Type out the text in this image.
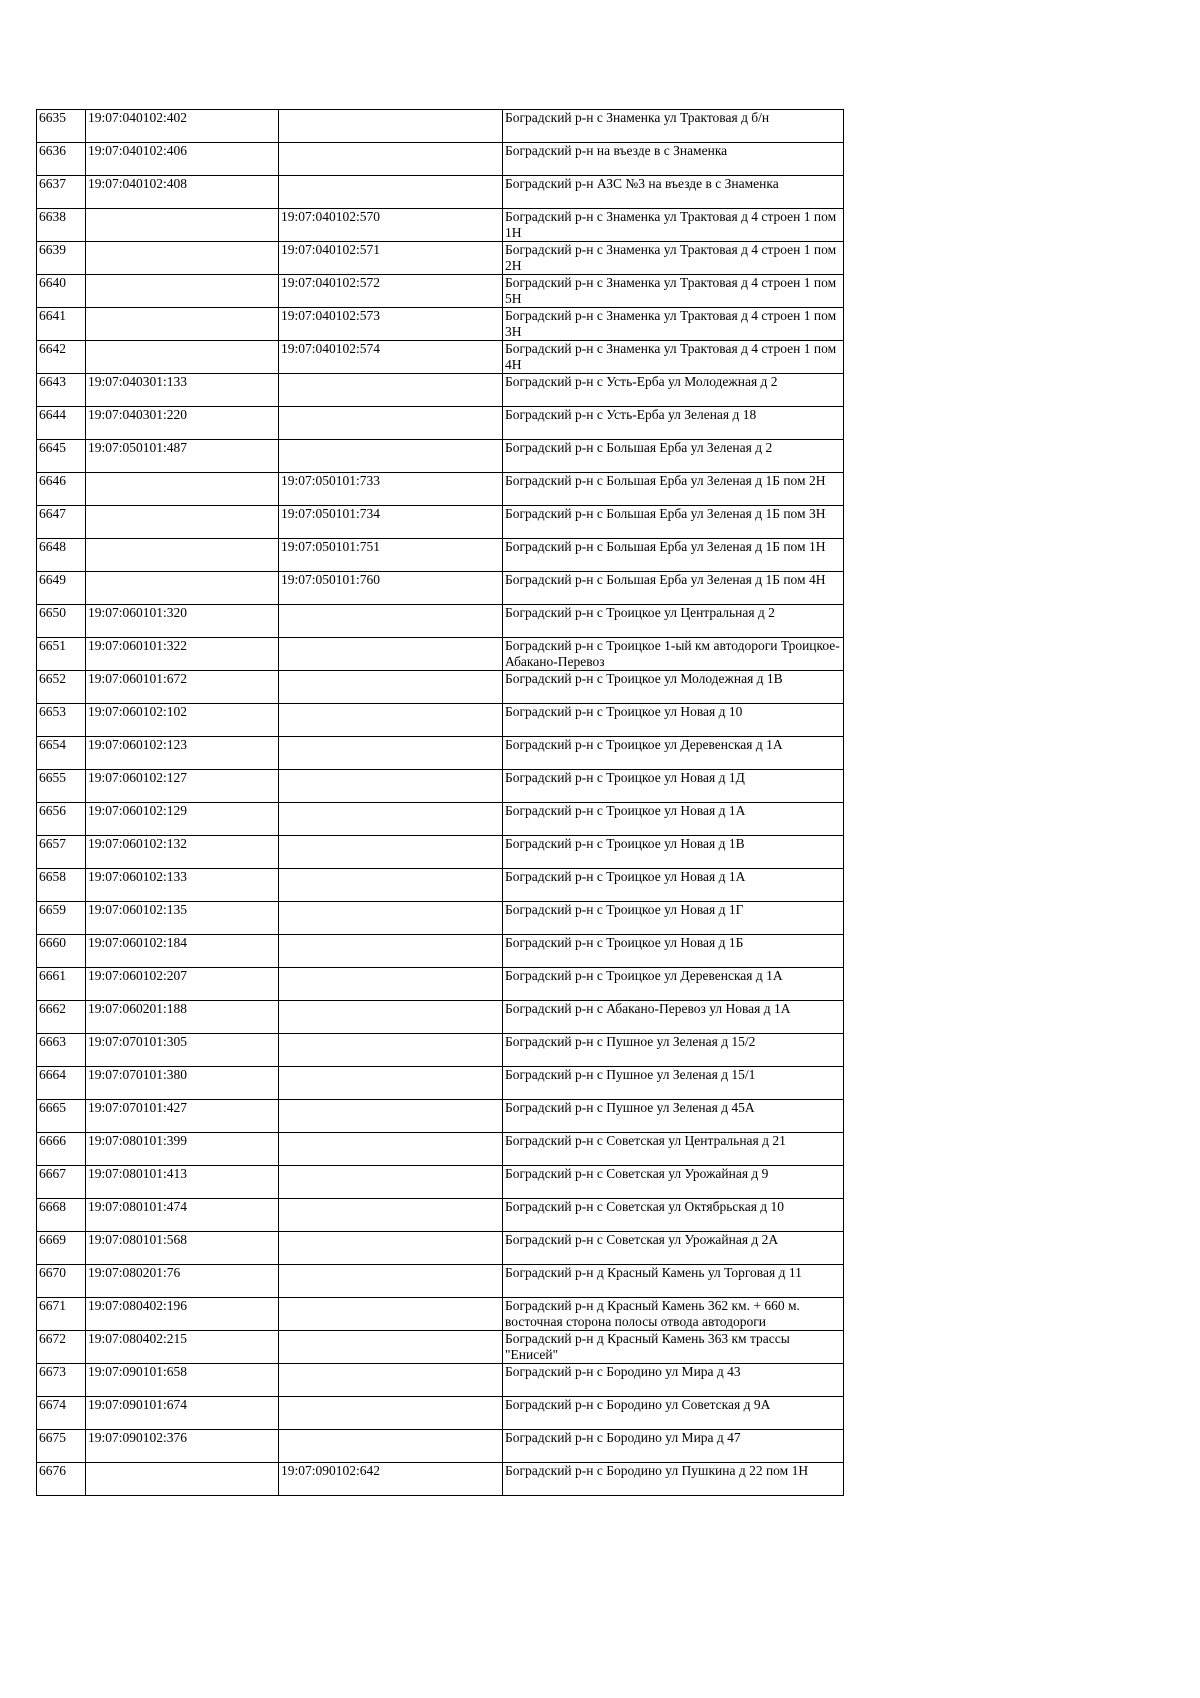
6635	19:07:040102:402		Боградский р-н с Знаменка ул Трактовая д б/н
6636	19:07:040102:406		Боградский р-н на въезде в с Знаменка
6637	19:07:040102:408		Боградский р-н АЗС №3 на въезде в с Знаменка
6638		19:07:040102:570	Боградский р-н с Знаменка ул Трактовая д 4 строен 1 пом 1Н
6639		19:07:040102:571	Боградский р-н с Знаменка ул Трактовая д 4 строен 1 пом 2Н
6640		19:07:040102:572	Боградский р-н с Знаменка ул Трактовая д 4 строен 1 пом 5Н
6641		19:07:040102:573	Боградский р-н с Знаменка ул Трактовая д 4 строен 1 пом 3Н
6642		19:07:040102:574	Боградский р-н с Знаменка ул Трактовая д 4 строен 1 пом 4Н
6643	19:07:040301:133		Боградский р-н с Усть-Ерба ул Молодежная д 2
6644	19:07:040301:220		Боградский р-н с Усть-Ерба ул Зеленая д 18
6645	19:07:050101:487		Боградский р-н с Большая Ерба ул Зеленая д 2
6646		19:07:050101:733	Боградский р-н с Большая Ерба ул Зеленая д 1Б пом 2Н
6647		19:07:050101:734	Боградский р-н с Большая Ерба ул Зеленая д 1Б пом 3Н
6648		19:07:050101:751	Боградский р-н с Большая Ерба ул Зеленая д 1Б пом 1Н
6649		19:07:050101:760	Боградский р-н с Большая Ерба ул Зеленая д 1Б пом 4Н
6650	19:07:060101:320		Боградский р-н с Троицкое ул Центральная д 2
6651	19:07:060101:322		Боградский р-н с Троицкое 1-ый км автодороги Троицкое-Абакано-Перевоз
6652	19:07:060101:672		Боградский р-н с Троицкое ул Молодежная д 1В
6653	19:07:060102:102		Боградский р-н с Троицкое ул Новая д 10
6654	19:07:060102:123		Боградский р-н с Троицкое ул Деревенская д 1А
6655	19:07:060102:127		Боградский р-н с Троицкое ул Новая д 1Д
6656	19:07:060102:129		Боградский р-н с Троицкое ул Новая д 1А
6657	19:07:060102:132		Боградский р-н с Троицкое ул Новая д 1В
6658	19:07:060102:133		Боградский р-н с Троицкое ул Новая д 1А
6659	19:07:060102:135		Боградский р-н с Троицкое ул Новая д 1Г
6660	19:07:060102:184		Боградский р-н с Троицкое ул Новая д 1Б
6661	19:07:060102:207		Боградский р-н с Троицкое ул Деревенская д 1А
6662	19:07:060201:188		Боградский р-н с Абакано-Перевоз ул Новая д 1А
6663	19:07:070101:305		Боградский р-н с Пушное ул Зеленая д 15/2
6664	19:07:070101:380		Боградский р-н с Пушное ул Зеленая д 15/1
6665	19:07:070101:427		Боградский р-н с Пушное ул Зеленая д 45А
6666	19:07:080101:399		Боградский р-н с Советская ул Центральная д 21
6667	19:07:080101:413		Боградский р-н с Советская ул Урожайная д 9
6668	19:07:080101:474		Боградский р-н с Советская ул Октябрьская д 10
6669	19:07:080101:568		Боградский р-н с Советская ул Урожайная д 2А
6670	19:07:080201:76		Боградский р-н д Красный Камень ул Торговая д 11
6671	19:07:080402:196		Боградский р-н д Красный Камень 362 км. + 660 м. восточная сторона полосы отвода автодороги
6672	19:07:080402:215		Боградский р-н д Красный Камень 363 км трассы "Енисей"
6673	19:07:090101:658		Боградский р-н с Бородино ул Мира д 43
6674	19:07:090101:674		Боградский р-н с Бородино ул Советская д 9А
6675	19:07:090102:376		Боградский р-н с Бородино ул Мира д 47
6676		19:07:090102:642	Боградский р-н с Бородино ул Пушкина д 22 пом 1Н
